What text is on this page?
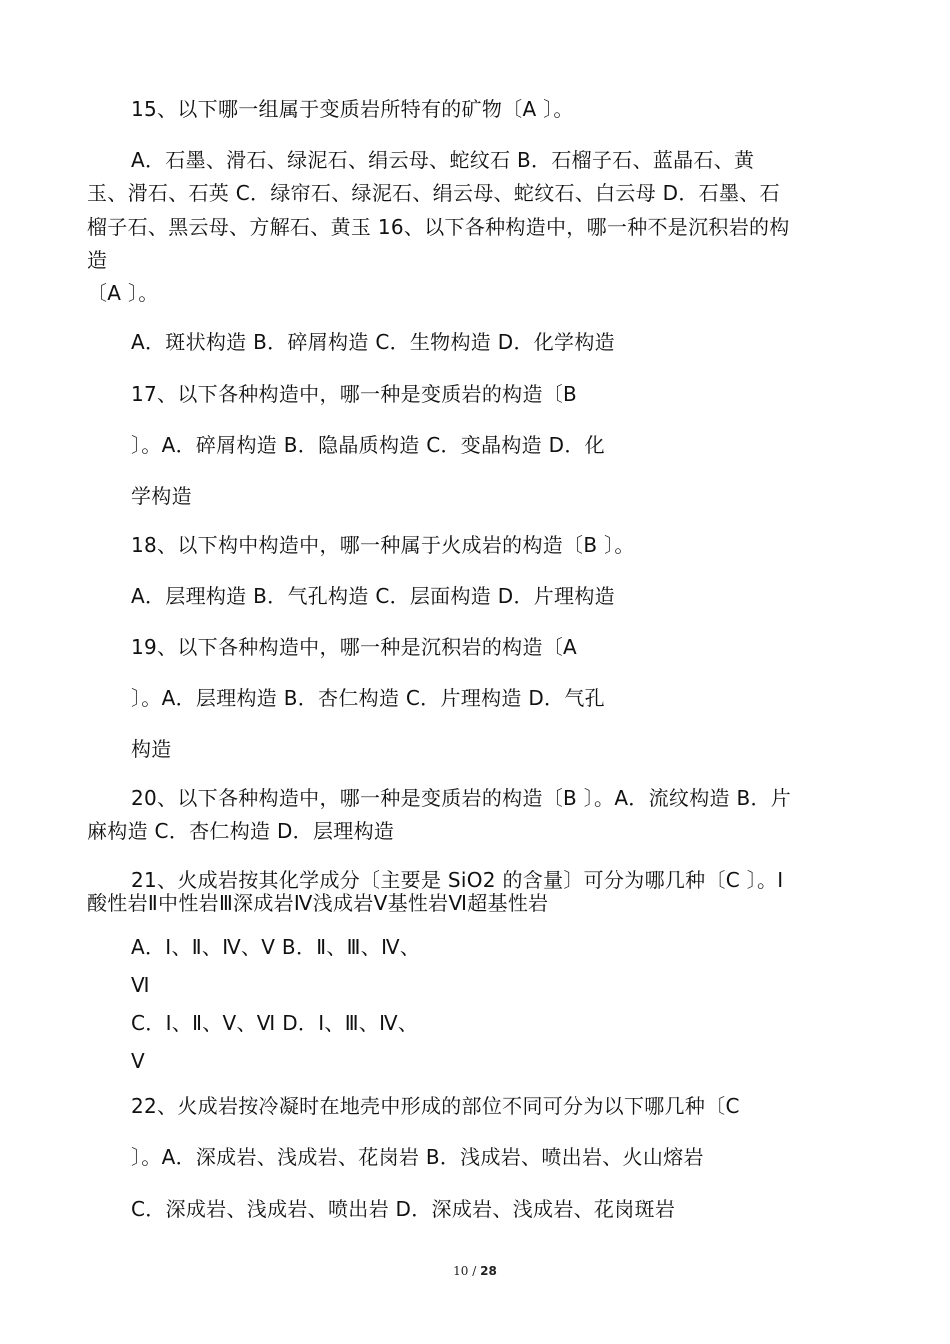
15、以下哪一组属于变质岩所特有的矿物〔A 〕。
A．石墨、滑石、绿泥石、绢云母、蛇纹石 B．石榴子石、蓝晶石、黄
玉、滑石、石英 C．绿帘石、绿泥石、绢云母、蛇纹石、白云母 D．石墨、石
榴子石、黑云母、方解石、黄玉 16、以下各种构造中，哪一种不是沉积岩的构
造
〔A 〕。
A．斑状构造 B．碎屑构造 C．生物构造 D．化学构造
17、以下各种构造中，哪一种是变质岩的构造〔B
〕。A．碎屑构造 B．隐晶质构造 C．变晶构造 D．化
学构造
18、以下构中构造中，哪一种属于火成岩的构造〔B 〕。
A．层理构造 B．气孔构造 C．层面构造 D．片理构造
19、以下各种构造中，哪一种是沉积岩的构造〔A
〕。A．层理构造 B．杏仁构造 C．片理构造 D．气孔
构造
20、以下各种构造中，哪一种是变质岩的构造〔B 〕。A．流纹构造 B．片
麻构造 C．杏仁构造 D．层理构造
21、火成岩按其化学成分〔主要是 SiO2 的含量〕可分为哪几种〔C 〕。Ⅰ
酸性岩Ⅱ中性岩Ⅲ深成岩Ⅳ浅成岩Ⅴ基性岩Ⅵ超基性岩
A．Ⅰ、Ⅱ、Ⅳ、Ⅴ B．Ⅱ、Ⅲ、Ⅳ、
Ⅵ
C．Ⅰ、Ⅱ、Ⅴ、Ⅵ D．Ⅰ、Ⅲ、Ⅳ、
Ⅴ
22、火成岩按冷凝时在地壳中形成的部位不同可分为以下哪几种〔C
〕。A．深成岩、浅成岩、花岗岩 B．浅成岩、喷出岩、火山熔岩
C．深成岩、浅成岩、喷出岩 D．深成岩、浅成岩、花岗斑岩
10 / 28
